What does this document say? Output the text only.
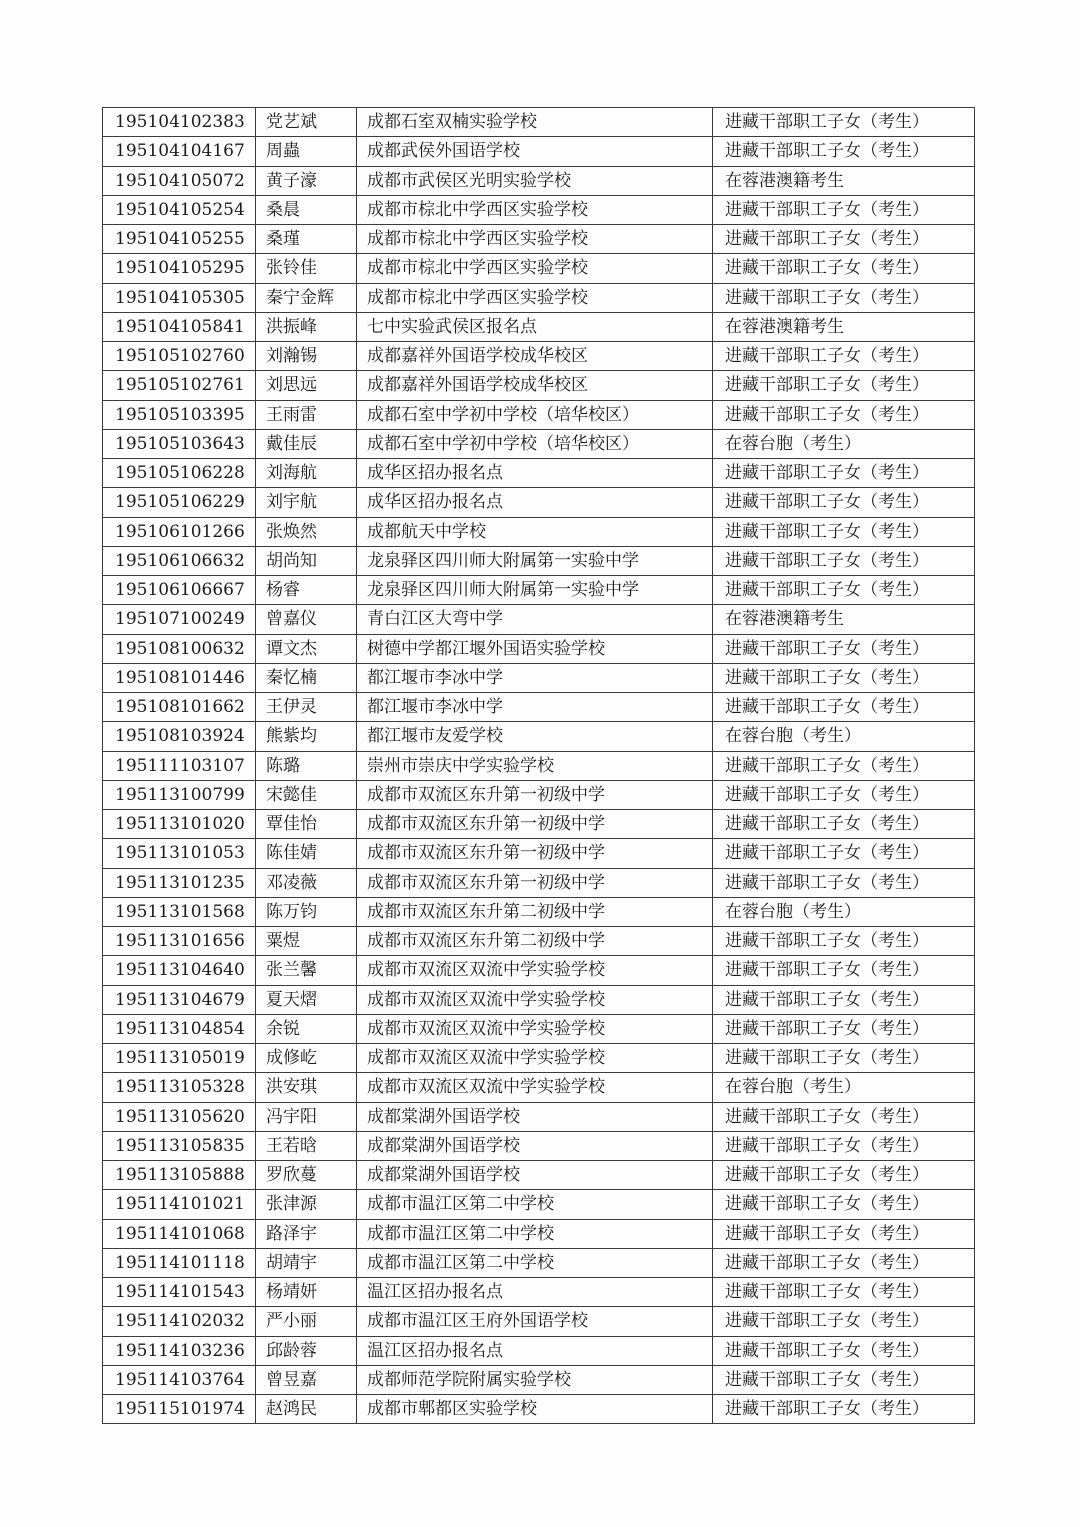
195104102383	党艺斌	成都石室双楠实验学校	进藏干部职工子女（考生）
195104104167	周蟲	成都武侯外国语学校	进藏干部职工子女（考生）
195104105072	黄子濠	成都市武侯区光明实验学校	在蓉港澳籍考生
195104105254	桑晨	成都市棕北中学西区实验学校	进藏干部职工子女（考生）
195104105255	桑瑾	成都市棕北中学西区实验学校	进藏干部职工子女（考生）
195104105295	张铃佳	成都市棕北中学西区实验学校	进藏干部职工子女（考生）
195104105305	秦宁金辉	成都市棕北中学西区实验学校	进藏干部职工子女（考生）
195104105841	洪振峰	七中实验武侯区报名点	在蓉港澳籍考生
195105102760	刘瀚锡	成都嘉祥外国语学校成华校区	进藏干部职工子女（考生）
195105102761	刘思远	成都嘉祥外国语学校成华校区	进藏干部职工子女（考生）
195105103395	王雨雷	成都石室中学初中学校（培华校区）	进藏干部职工子女（考生）
195105103643	戴佳辰	成都石室中学初中学校（培华校区）	在蓉台胞（考生）
195105106228	刘海航	成华区招办报名点	进藏干部职工子女（考生）
195105106229	刘宇航	成华区招办报名点	进藏干部职工子女（考生）
195106101266	张焕然	成都航天中学校	进藏干部职工子女（考生）
195106106632	胡尚知	龙泉驿区四川师大附属第一实验中学	进藏干部职工子女（考生）
195106106667	杨睿	龙泉驿区四川师大附属第一实验中学	进藏干部职工子女（考生）
195107100249	曾嘉仪	青白江区大弯中学	在蓉港澳籍考生
195108100632	谭文杰	树德中学都江堰外国语实验学校	进藏干部职工子女（考生）
195108101446	秦忆楠	都江堰市李冰中学	进藏干部职工子女（考生）
195108101662	王伊灵	都江堰市李冰中学	进藏干部职工子女（考生）
195108103924	熊紫均	都江堰市友爱学校	在蓉台胞（考生）
195111103107	陈璐	崇州市崇庆中学实验学校	进藏干部职工子女（考生）
195113100799	宋懿佳	成都市双流区东升第一初级中学	进藏干部职工子女（考生）
195113101020	覃佳怡	成都市双流区东升第一初级中学	进藏干部职工子女（考生）
195113101053	陈佳婧	成都市双流区东升第一初级中学	进藏干部职工子女（考生）
195113101235	邓凌薇	成都市双流区东升第一初级中学	进藏干部职工子女（考生）
195113101568	陈万钧	成都市双流区东升第二初级中学	在蓉台胞（考生）
195113101656	粟煜	成都市双流区东升第二初级中学	进藏干部职工子女（考生）
195113104640	张兰馨	成都市双流区双流中学实验学校	进藏干部职工子女（考生）
195113104679	夏天熠	成都市双流区双流中学实验学校	进藏干部职工子女（考生）
195113104854	余锐	成都市双流区双流中学实验学校	进藏干部职工子女（考生）
195113105019	成修屹	成都市双流区双流中学实验学校	进藏干部职工子女（考生）
195113105328	洪安琪	成都市双流区双流中学实验学校	在蓉台胞（考生）
195113105620	冯宇阳	成都棠湖外国语学校	进藏干部职工子女（考生）
195113105835	王若晗	成都棠湖外国语学校	进藏干部职工子女（考生）
195113105888	罗欣蔓	成都棠湖外国语学校	进藏干部职工子女（考生）
195114101021	张津源	成都市温江区第二中学校	进藏干部职工子女（考生）
195114101068	路泽宇	成都市温江区第二中学校	进藏干部职工子女（考生）
195114101118	胡靖宇	成都市温江区第二中学校	进藏干部职工子女（考生）
195114101543	杨靖妍	温江区招办报名点	进藏干部职工子女（考生）
195114102032	严小丽	成都市温江区王府外国语学校	进藏干部职工子女（考生）
195114103236	邱龄蓉	温江区招办报名点	进藏干部职工子女（考生）
195114103764	曾昱嘉	成都师范学院附属实验学校	进藏干部职工子女（考生）
195115101974	赵鸿民	成都市郫都区实验学校	进藏干部职工子女（考生）
